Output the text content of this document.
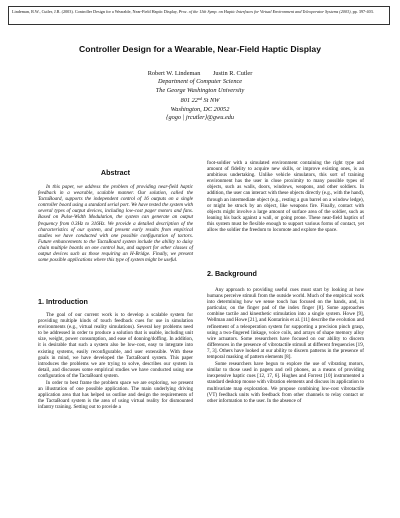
Lindeman, R.W., Cutler, J.R. (2003). Controller Design for a Wearable, Near-Field Haptic Display, Proc. of the 11th Symp. on Haptic Interfaces for Virtual Environment and Teleoperator Systems (2003), pp. 397-403.
Controller Design for a Wearable, Near-Field Haptic Display
Robert W. Lindeman        Justin R. Cutler
Department of Computer Science
The George Washington University
801 22nd St NW
Washington, DC 20052
{gogo | jrcutler}@gwu.edu
Abstract
In this paper, we address the problem of providing near-field haptic feedback in a wearable, scalable manner. Our solution, called the TactaBoard, supports the independent control of 16 outputs on a single controller board using a standard serial port. We have tested the system with several types of output devices, including low-cost pager motors and fans. Based on Pulse-Width Modulation, the system can generate an output frequency from 0.3Hz to 316Hz. We provide a detailed description of the characteristics of our system, and present early results from empirical studies we have conducted with one possible configuration of tactors. Future enhancements to the TactaBoard system include the ability to daisy chain multiple boards on one control bus, and support for other classes of output devices such as those requiring an H-Bridge. Finally, we present some possible applications where this type of system might be useful.
1. Introduction

The goal of our current work is to develop a scalable system for providing multiple kinds of touch feedback cues for use in simulation environments (e.g., virtual reality simulations). Several key problems need to be addressed in order to produce a solution that is usable, including unit size, weight, power consumption, and ease of donning/doffing. In addition, it is desirable that such a system also be low-cost, easy to integrate into existing systems, easily reconfigurable, and user extensible. With these goals in mind, we have developed the TactaBoard system. This paper introduces the problems we are trying to solve, describes our system in detail, and discusses some empirical studies we have conducted using one configuration of the TactaBoard system.

In order to best frame the problem space we are exploring, we present an illustration of one possible application. The main underlying driving application area that has helped us outline and design the requirements of the TactaBoard system is the area of using virtual reality for dismounted infantry training. Setting out to provide a

foot-soldier with a simulated environment containing the right type and amount of fidelity to acquire new skills, or improve existing ones, is an ambitious undertaking. Unlike vehicle simulators, this sort of training environment has the user in close proximity to many possible types of objects, such as walls, doors, windows, weapons, and other soldiers. In addition, the user can interact with these objects directly (e.g., with the hand), through an intermediate object (e.g., resting a gun barrel on a window ledge), or might be struck by an object, like weapons fire. Finally, contact with objects might involve a large amount of surface area of the soldier, such as leaning his back against a wall, or going prone. These near-field haptics of this system must be flexible enough to support various forms of contact, yet allow the soldier the freedom to locomote and explore the space.
2. Background

Any approach to providing useful cues must start by looking at how humans perceive stimuli from the outside world. Much of the empirical work into determining how we sense touch has focused on the hands, and, in particular, on the finger pad of the index finger [8]. Some approaches combine tactile and kinesthetic stimulation into a single system. Howe [9], Wellman and Howe [21], and Kontarinis et al. [11] describe the evolution and refinement of a teleoperation system for supporting a precision pinch grasp, using a two-fingered linkage, voice coils, and arrays of shape memory alloy wire actuators. Some researchers have focused on our ability to discern differences in the presence of vibrotactile stimuli at different frequencies [19, 7, 3]. Others have looked at our ability to discern patterns in the presence of temporal masking of pattern elements [8].

Some researchers have begun to explore the use of vibrating motors, similar to those used in pagers and cell phones, as a means of providing inexpensive haptic cues [12, 17, 6]. Hughes and Forrest [10] instrumented a standard desktop mouse with vibration elements and discuss its application to multivariate map exploration. We propose combining low-cost vibrotactile (VT) feedback units with feedback from other channels to relay contact or other information to the user. In the absence of
